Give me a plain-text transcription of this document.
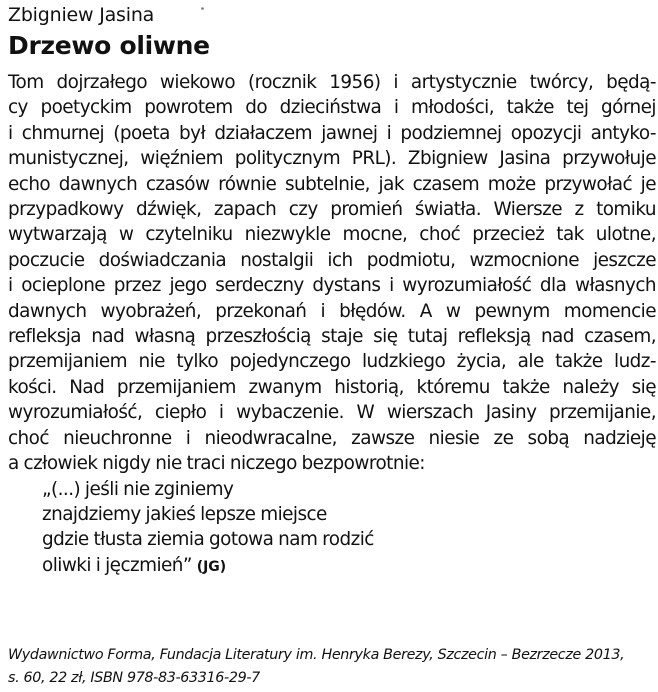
Zbigniew Jasina
Drzewo oliwne

Tom dojrzałego wiekowo (rocznik 1956) i artystycznie twórcy, będą-
cy poetyckim powrotem do dzieciństwa i młodości, także tej górnej
i chmurnej (poeta był działaczem jawnej i podziemnej opozycji antyko-
munistycznej, więźniem politycznym PRL). Zbigniew Jasina przywołuje
echo dawnych czasów równie subtelnie, jak czasem może przywołać je
przypadkowy dźwięk, zapach czy promień światła. Wiersze z tomiku
wytwarzają w czytelniku niezwykle mocne, choć przecież tak ulotne,
poczucie doświadczania nostalgii ich podmiotu, wzmocnione jeszcze
i ocieplone przez jego serdeczny dystans i wyrozumiałość dla własnych
dawnych wyobrażeń, przekonań i błędów. A w pewnym momencie
refleksja nad własną przeszłością staje się tutaj refleksją nad czasem,
przemijaniem nie tylko pojedynczego ludzkiego życia, ale także ludz-
kości. Nad przemijaniem zwanym historią, któremu także należy się
wyrozumiałość, ciepło i wybaczenie. W wierszach Jasiny przemijanie,
choć nieuchronne i nieodwracalne, zawsze niesie ze sobą nadzieję
a człowiek nigdy nie traci niczego bezpowrotnie:

„(...) jeśli nie zginiemy
znajdziemy jakieś lepsze miejsce
gdzie tłusta ziemia gotowa nam rodzić
oliwki i jęczmień” (JG)
Wydawnictwo Forma, Fundacja Literatury im. Henryka Berezy, Szczecin – Bezrzecze 2013,
s. 60, 22 zł, ISBN 978-83-63316-29-7
